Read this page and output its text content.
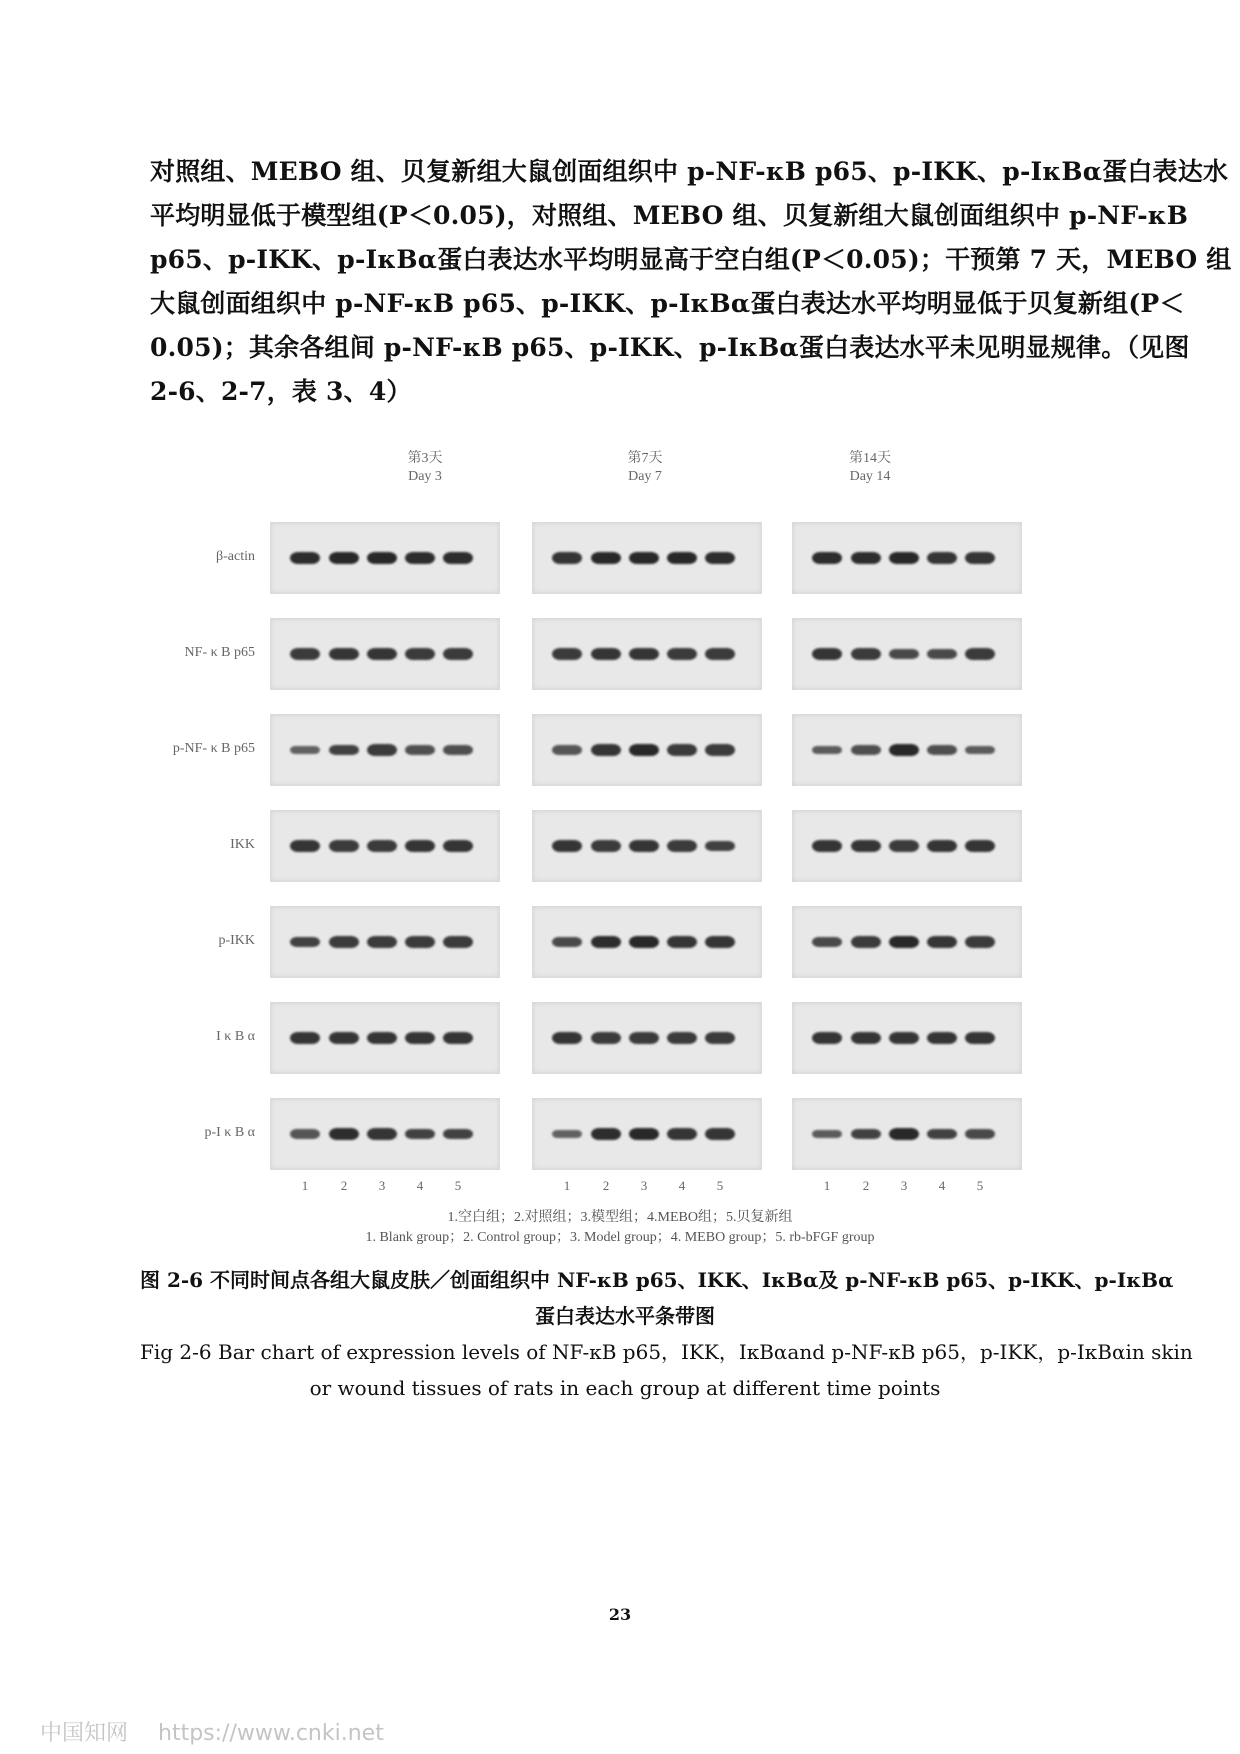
对照组、MEBO 组、贝复新组大鼠创面组织中 p-NF-κB p65、p-IKK、p-IκBα蛋白表达水

平均明显低于模型组(P＜0.05)，对照组、MEBO 组、贝复新组大鼠创面组织中 p-NF-κB

p65、p-IKK、p-IκBα蛋白表达水平均明显高于空白组(P＜0.05)；干预第 7 天，MEBO 组

大鼠创面组织中 p-NF-κB p65、p-IKK、p-IκBα蛋白表达水平均明显低于贝复新组(P＜

0.05)；其余各组间 p-NF-κB p65、p-IKK、p-IκBα蛋白表达水平未见明显规律。（见图

2-6、2-7，表 3、4）

第3天
Day 3
第7天
Day 7
第14天
Day 14
1.空白组；2.对照组；3.模型组；4.MEBO组；5.贝复新组
1. Blank group；2. Control group；3. Model group；4. MEBO group；5. rb-bFGF group
β-actin
NF- κ B p65
p-NF- κ B p65
IKK
p-IKK
I κ B α
p-I κ B α
1	2 3 4 5	1	2 3 4 5	1	2 3 4 5

图 2-6 不同时间点各组大鼠皮肤／创面组织中 NF-κB p65、IKK、IκBα及 p-NF-κB p65、p-IKK、p-IκBα

蛋白表达水平条带图

Fig 2-6 Bar chart of expression levels of NF-κB p65，IKK，IκBαand p-NF-κB p65，p-IKK，p-IκBαin skin

or wound tissues of rats in each group at different time points

23
中国知网 https://www.cnki.net
